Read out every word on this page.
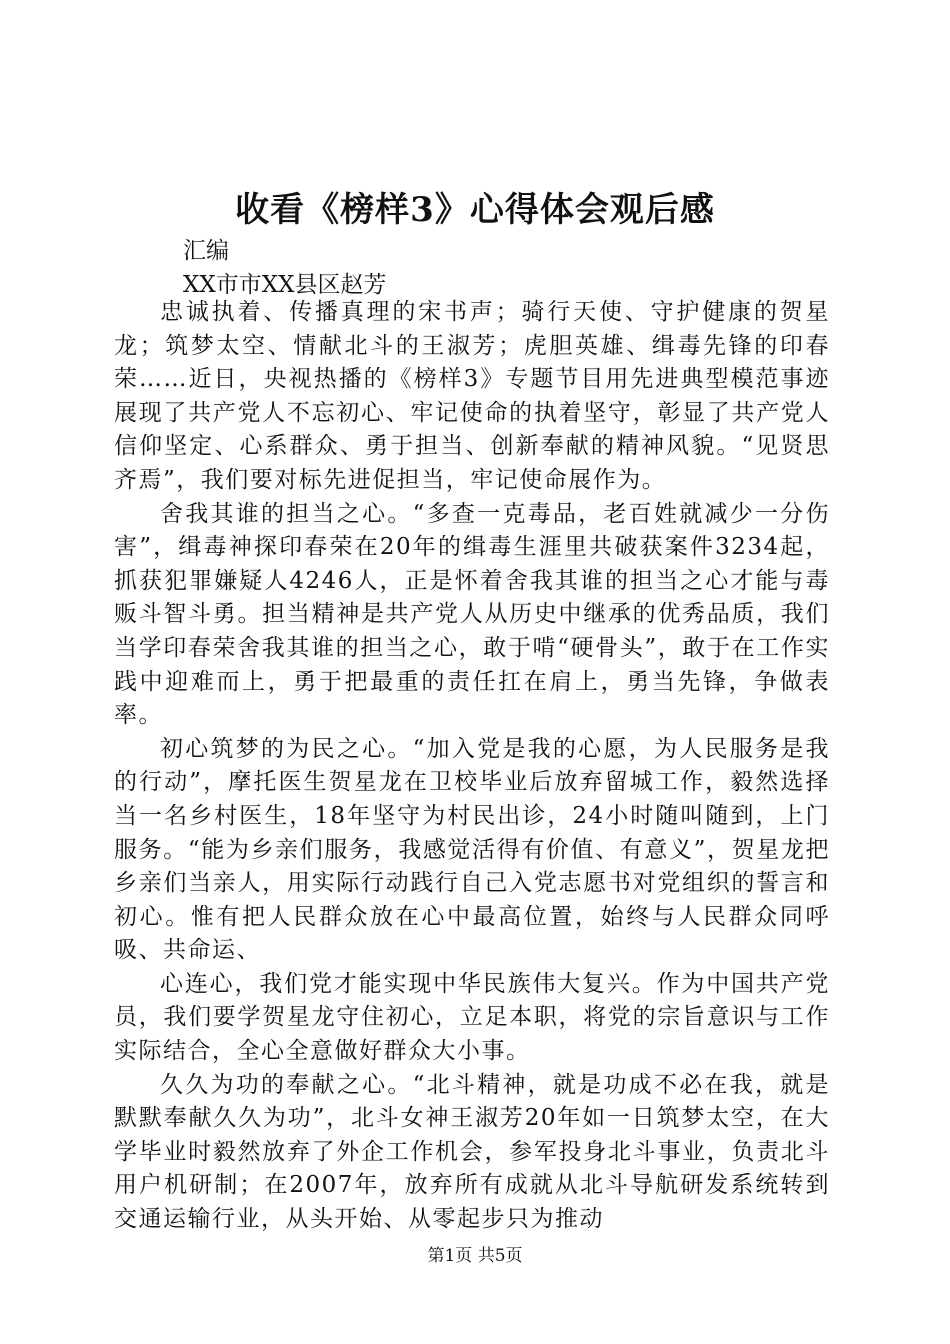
收看《榜样3》心得体会观后感

汇编

XX市市XX县区赵芳

忠诚执着、传播真理的宋书声；骑行天使、守护健康的贺星龙；筑梦太空、情献北斗的王淑芳；虎胆英雄、缉毒先锋的印春荣……近日，央视热播的《榜样3》专题节目用先进典型模范事迹展现了共产党人不忘初心、牢记使命的执着坚守，彰显了共产党人信仰坚定、心系群众、勇于担当、创新奉献的精神风貌。“见贤思齐焉”，我们要对标先进促担当，牢记使命展作为。

舍我其谁的担当之心。“多查一克毒品，老百姓就减少一分伤害”，缉毒神探印春荣在20年的缉毒生涯里共破获案件3234起，抓获犯罪嫌疑人4246人，正是怀着舍我其谁的担当之心才能与毒贩斗智斗勇。担当精神是共产党人从历史中继承的优秀品质，我们当学印春荣舍我其谁的担当之心，敢于啃“硬骨头”，敢于在工作实践中迎难而上，勇于把最重的责任扛在肩上，勇当先锋，争做表率。

初心筑梦的为民之心。“加入党是我的心愿，为人民服务是我的行动”，摩托医生贺星龙在卫校毕业后放弃留城工作，毅然选择当一名乡村医生，18年坚守为村民出诊，24小时随叫随到，上门服务。“能为乡亲们服务，我感觉活得有价值、有意义”，贺星龙把乡亲们当亲人，用实际行动践行自己入党志愿书对党组织的誓言和初心。惟有把人民群众放在心中最高位置，始终与人民群众同呼吸、共命运、

心连心，我们党才能实现中华民族伟大复兴。作为中国共产党员，我们要学贺星龙守住初心，立足本职，将党的宗旨意识与工作实际结合，全心全意做好群众大小事。

久久为功的奉献之心。“北斗精神，就是功成不必在我，就是默默奉献久久为功”，北斗女神王淑芳20年如一日筑梦太空，在大学毕业时毅然放弃了外企工作机会，参军投身北斗事业，负责北斗用户机研制；在2007年，放弃所有成就从北斗导航研发系统转到交通运输行业，从头开始、从零起步只为推动

第1页 共5页
